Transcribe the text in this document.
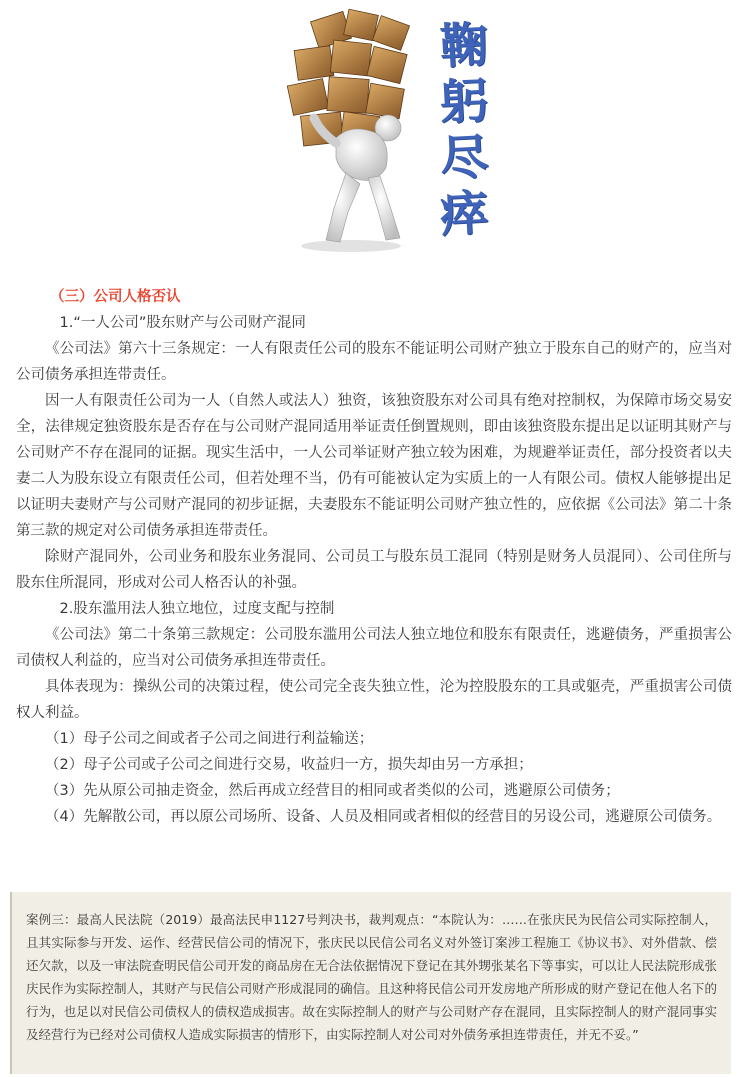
鞠
躬
尽
瘁

（三）公司人格否认

1.“一人公司”股东财产与公司财产混同

《公司法》第六十三条规定：一人有限责任公司的股东不能证明公司财产独立于股东自己的财产的，应当对公司债务承担连带责任。

因一人有限责任公司为一人（自然人或法人）独资，该独资股东对公司具有绝对控制权，为保障市场交易安全，法律规定独资股东是否存在与公司财产混同适用举证责任倒置规则，即由该独资股东提出足以证明其财产与公司财产不存在混同的证据。现实生活中，一人公司举证财产独立较为困难，为规避举证责任，部分投资者以夫妻二人为股东设立有限责任公司，但若处理不当，仍有可能被认定为实质上的一人有限公司。债权人能够提出足以证明夫妻财产与公司财产混同的初步证据，夫妻股东不能证明公司财产独立性的，应依据《公司法》第二十条第三款的规定对公司债务承担连带责任。

除财产混同外，公司业务和股东业务混同、公司员工与股东员工混同（特别是财务人员混同）、公司住所与股东住所混同，形成对公司人格否认的补强。

2.股东滥用法人独立地位，过度支配与控制

《公司法》第二十条第三款规定：公司股东滥用公司法人独立地位和股东有限责任，逃避债务，严重损害公司债权人利益的，应当对公司债务承担连带责任。

具体表现为：操纵公司的决策过程，使公司完全丧失独立性，沦为控股股东的工具或躯壳，严重损害公司债权人利益。

（1）母子公司之间或者子公司之间进行利益输送；

（2）母子公司或子公司之间进行交易，收益归一方，损失却由另一方承担；

（3）先从原公司抽走资金，然后再成立经营目的相同或者类似的公司，逃避原公司债务；

（4）先解散公司，再以原公司场所、设备、人员及相同或者相似的经营目的另设公司，逃避原公司债务。

案例三：最高人民法院（2019）最高法民申1127号判决书，裁判观点：“本院认为：……在张庆民为民信公司实际控制人，且其实际参与开发、运作、经营民信公司的情况下，张庆民以民信公司名义对外签订案涉工程施工《协议书》、对外借款、偿还欠款，以及一审法院查明民信公司开发的商品房在无合法依据情况下登记在其外甥张某名下等事实，可以让人民法院形成张庆民作为实际控制人，其财产与民信公司财产形成混同的确信。且这种将民信公司开发房地产所形成的财产登记在他人名下的行为，也足以对民信公司债权人的债权造成损害。故在实际控制人的财产与公司财产存在混同，且实际控制人的财产混同事实及经营行为已经对公司债权人造成实际损害的情形下，由实际控制人对公司对外债务承担连带责任，并无不妥。”
